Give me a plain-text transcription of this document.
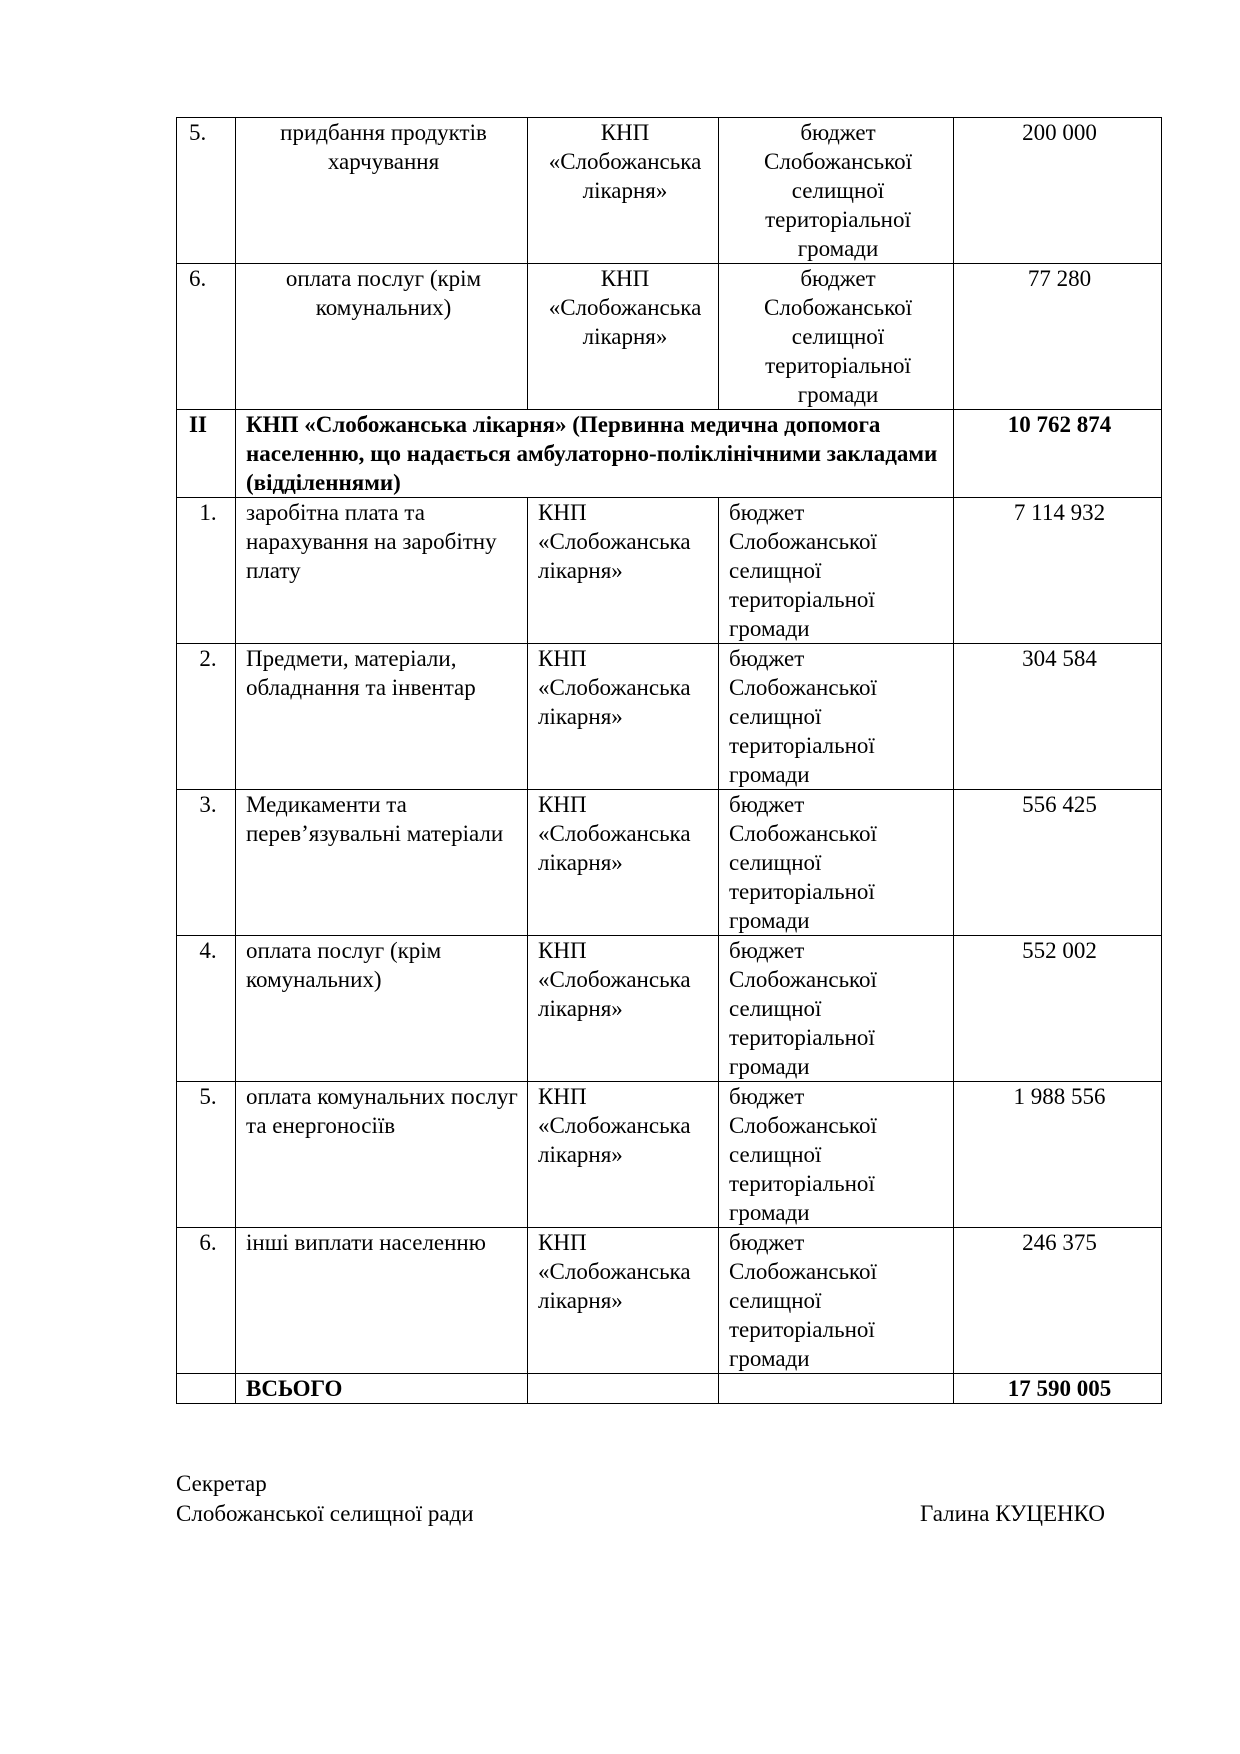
5.	придбання продуктів харчування	КНП «Слобожанська лікарня»	бюджет Слобожанської селищної територіальної громади	200 000
6.	оплата послуг (крім комунальних)	КНП «Слобожанська лікарня»	бюджет Слобожанської селищної територіальної громади	77 280
ІІ	КНП «Слобожанська лікарня» (Первинна медична допомога населенню, що надається амбулаторно-поліклінічними закладами (відділеннями)			10 762 874
1.	заробітна плата та нарахування на заробітну плату	КНП «Слобожанська лікарня»	бюджет Слобожанської селищної територіальної громади	7 114 932
2.	Предмети, матеріали, обладнання та інвентар	КНП «Слобожанська лікарня»	бюджет Слобожанської селищної територіальної громади	304 584
3.	Медикаменти та перев’язувальні матеріали	КНП «Слобожанська лікарня»	бюджет Слобожанської селищної територіальної громади	556 425
4.	оплата послуг (крім комунальних)	КНП «Слобожанська лікарня»	бюджет Слобожанської селищної територіальної громади	552 002
5.	оплата комунальних послуг та енергоносіїв	КНП «Слобожанська лікарня»	бюджет Слобожанської селищної територіальної громади	1 988 556
6.	інші виплати населенню	КНП «Слобожанська лікарня»	бюджет Слобожанської селищної територіальної громади	246 375
	ВСЬОГО			17 590 005
Секретар
Слобожанської селищної ради	Галина КУЦЕНКО
